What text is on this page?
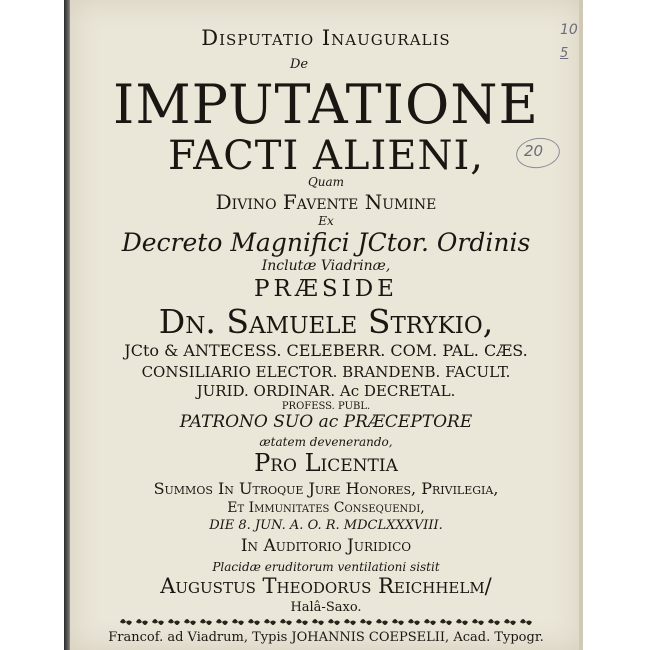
Disputatio Inauguralis
De
IMPUTATIONE
FACTI ALIENI,
Quam
Divino Favente Numine
Ex
Decreto Magnifici JCtor. Ordinis
Inclutæ Viadrinæ,
PRÆSIDE
Dn. Samuele Strykio,
JCto & ANTECESS. CELEBERR. COM. PAL. CÆS.
CONSILIARIO ELECTOR. BRANDENB. FACULT.
JURID. ORDINAR. Ac DECRETAL.
PROFESS. PUBL.
PATRONO SUO ac PRÆCEPTORE
ætatem devenerando,
Pro Licentia
Summos In Utroque Jure Honores, Privilegia,
Et Immunitates Consequendi,
DIE 8. JUN. A. O. R. MDCLXXXVIII.
In Auditorio Juridico
Placidæ eruditorum ventilationi sistit
Augustus Theodorus Reichhelm/
Halâ-Saxo.
Francof. ad Viadrum, Typis JOHANNIS COEPSELII, Acad. Typogr.
10
5
20
